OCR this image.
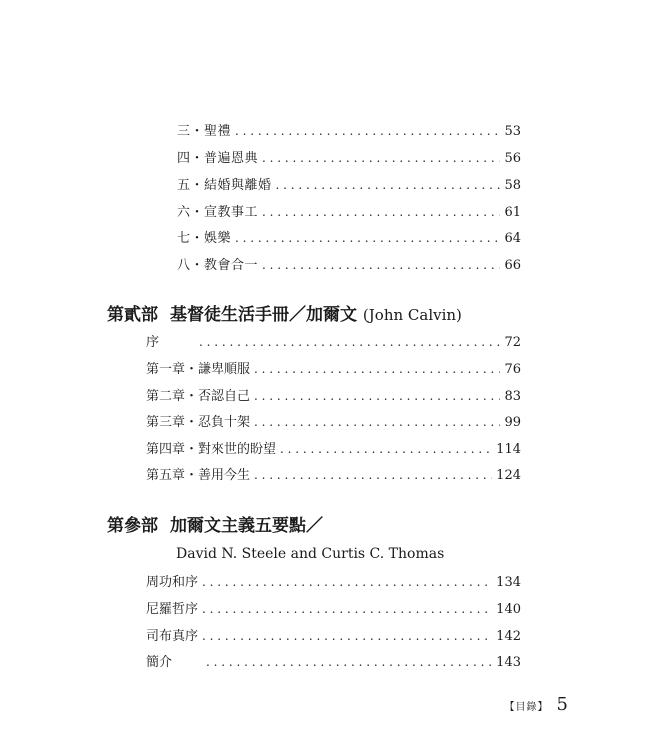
三・聖禮 . . .	53
四・普遍恩典 . . .	56
五・結婚與離婚 . . .	58
六・宣教事工 . . .	61
七・娛樂 . . .	64
八・教會合一 . . .	66
第貳部 基督徒生活手冊／加爾文 (John Calvin)
序 . . .	72
第一章・謙卑順服 . . .	76
第二章・否認自己 . . .	83
第三章・忍負十架 . . .	99
第四章・對來世的盼望 . . .	114
第五章・善用今生 . . .	124
第參部 加爾文主義五要點／
David N. Steele and Curtis C. Thomas
周功和序 . . .	134
尼羅哲序 . . .	140
司布真序 . . .	142
簡介 . . .	143
【目錄】 5
